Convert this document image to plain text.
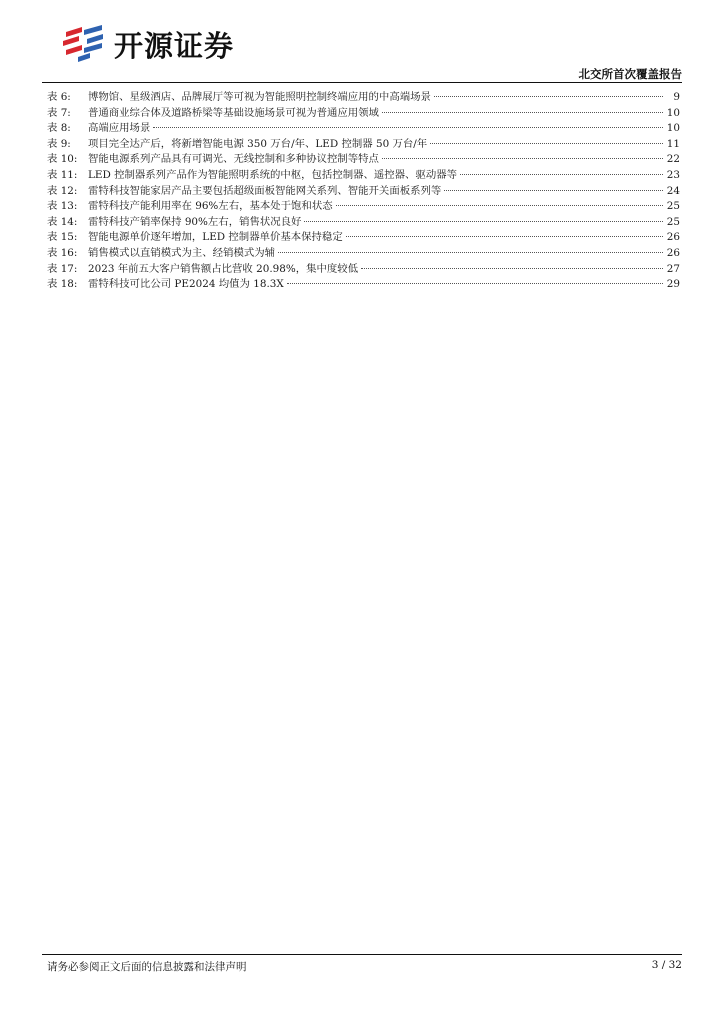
开源证券
北交所首次覆盖报告
表 6:	博物馆、星级酒店、品牌展厅等可视为智能照明控制终端应用的中高端场景	9
表 7:	普通商业综合体及道路桥梁等基础设施场景可视为普通应用领域	10
表 8:	高端应用场景	10
表 9:	项目完全达产后，将新增智能电源 350 万台/年、LED 控制器 50 万台/年	11
表 10:	智能电源系列产品具有可调光、无线控制和多种协议控制等特点	22
表 11:	LED 控制器系列产品作为智能照明系统的中枢，包括控制器、遥控器、驱动器等	23
表 12:	雷特科技智能家居产品主要包括超级面板智能网关系列、智能开关面板系列等	24
表 13:	雷特科技产能利用率在 96%左右，基本处于饱和状态	25
表 14:	雷特科技产销率保持 90%左右，销售状况良好	25
表 15:	智能电源单价逐年增加，LED 控制器单价基本保持稳定	26
表 16:	销售模式以直销模式为主、经销模式为辅	26
表 17:	2023 年前五大客户销售额占比营收 20.98%，集中度较低	27
表 18:	雷特科技可比公司 PE2024 均值为 18.3X	29
请务必参阅正文后面的信息披露和法律声明	3 / 32
